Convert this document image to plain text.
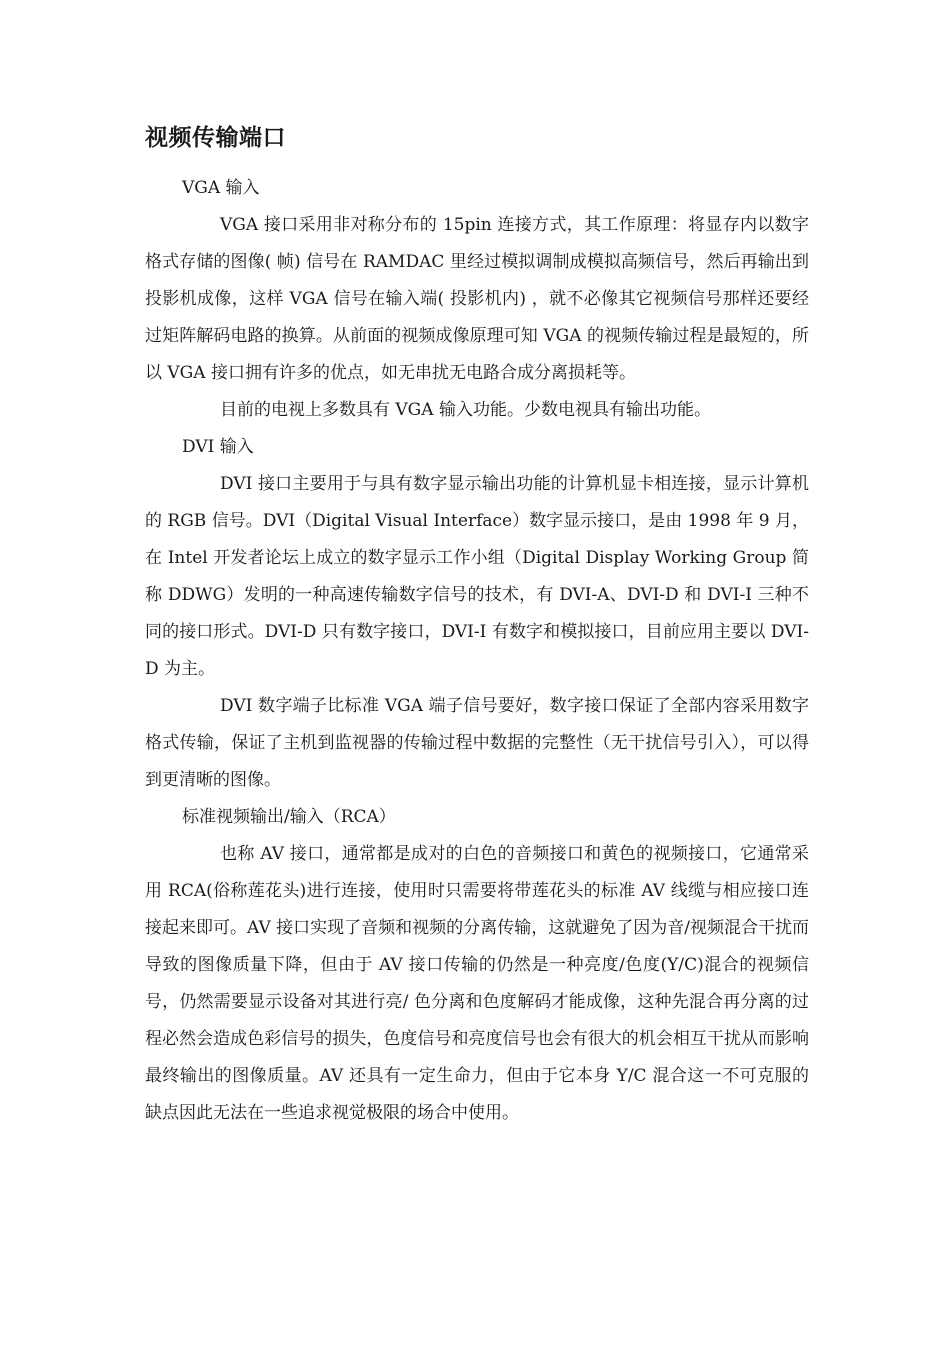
视频传输端口

VGA 输入

VGA 接口采用非对称分布的 15pin 连接方式，其工作原理：将显存内以数字格式存储的图像( 帧) 信号在 RAMDAC 里经过模拟调制成模拟高频信号，然后再输出到投影机成像，这样 VGA 信号在输入端( 投影机内) ，就不必像其它视频信号那样还要经过矩阵解码电路的换算。从前面的视频成像原理可知 VGA 的视频传输过程是最短的，所以 VGA 接口拥有许多的优点，如无串扰无电路合成分离损耗等。

目前的电视上多数具有 VGA 输入功能。少数电视具有输出功能。

DVI 输入

DVI 接口主要用于与具有数字显示输出功能的计算机显卡相连接，显示计算机的 RGB 信号。DVI（Digital Visual Interface）数字显示接口，是由 1998 年 9 月，在 Intel 开发者论坛上成立的数字显示工作小组（Digital Display Working Group 简称 DDWG）发明的一种高速传输数字信号的技术，有 DVI-A、DVI-D 和 DVI-I 三种不同的接口形式。DVI-D 只有数字接口，DVI-I 有数字和模拟接口，目前应用主要以 DVI-D 为主。

DVI 数字端子比标准 VGA 端子信号要好，数字接口保证了全部内容采用数字格式传输，保证了主机到监视器的传输过程中数据的完整性（无干扰信号引入），可以得到更清晰的图像。

标准视频输出/输入（RCA）

也称 AV 接口，通常都是成对的白色的音频接口和黄色的视频接口，它通常采用 RCA(俗称莲花头)进行连接，使用时只需要将带莲花头的标准 AV 线缆与相应接口连接起来即可。AV 接口实现了音频和视频的分离传输，这就避免了因为音/视频混合干扰而导致的图像质量下降，但由于 AV 接口传输的仍然是一种亮度/色度(Y/C)混合的视频信号，仍然需要显示设备对其进行亮/ 色分离和色度解码才能成像，这种先混合再分离的过程必然会造成色彩信号的损失，色度信号和亮度信号也会有很大的机会相互干扰从而影响最终输出的图像质量。AV 还具有一定生命力，但由于它本身 Y/C 混合这一不可克服的缺点因此无法在一些追求视觉极限的场合中使用。
